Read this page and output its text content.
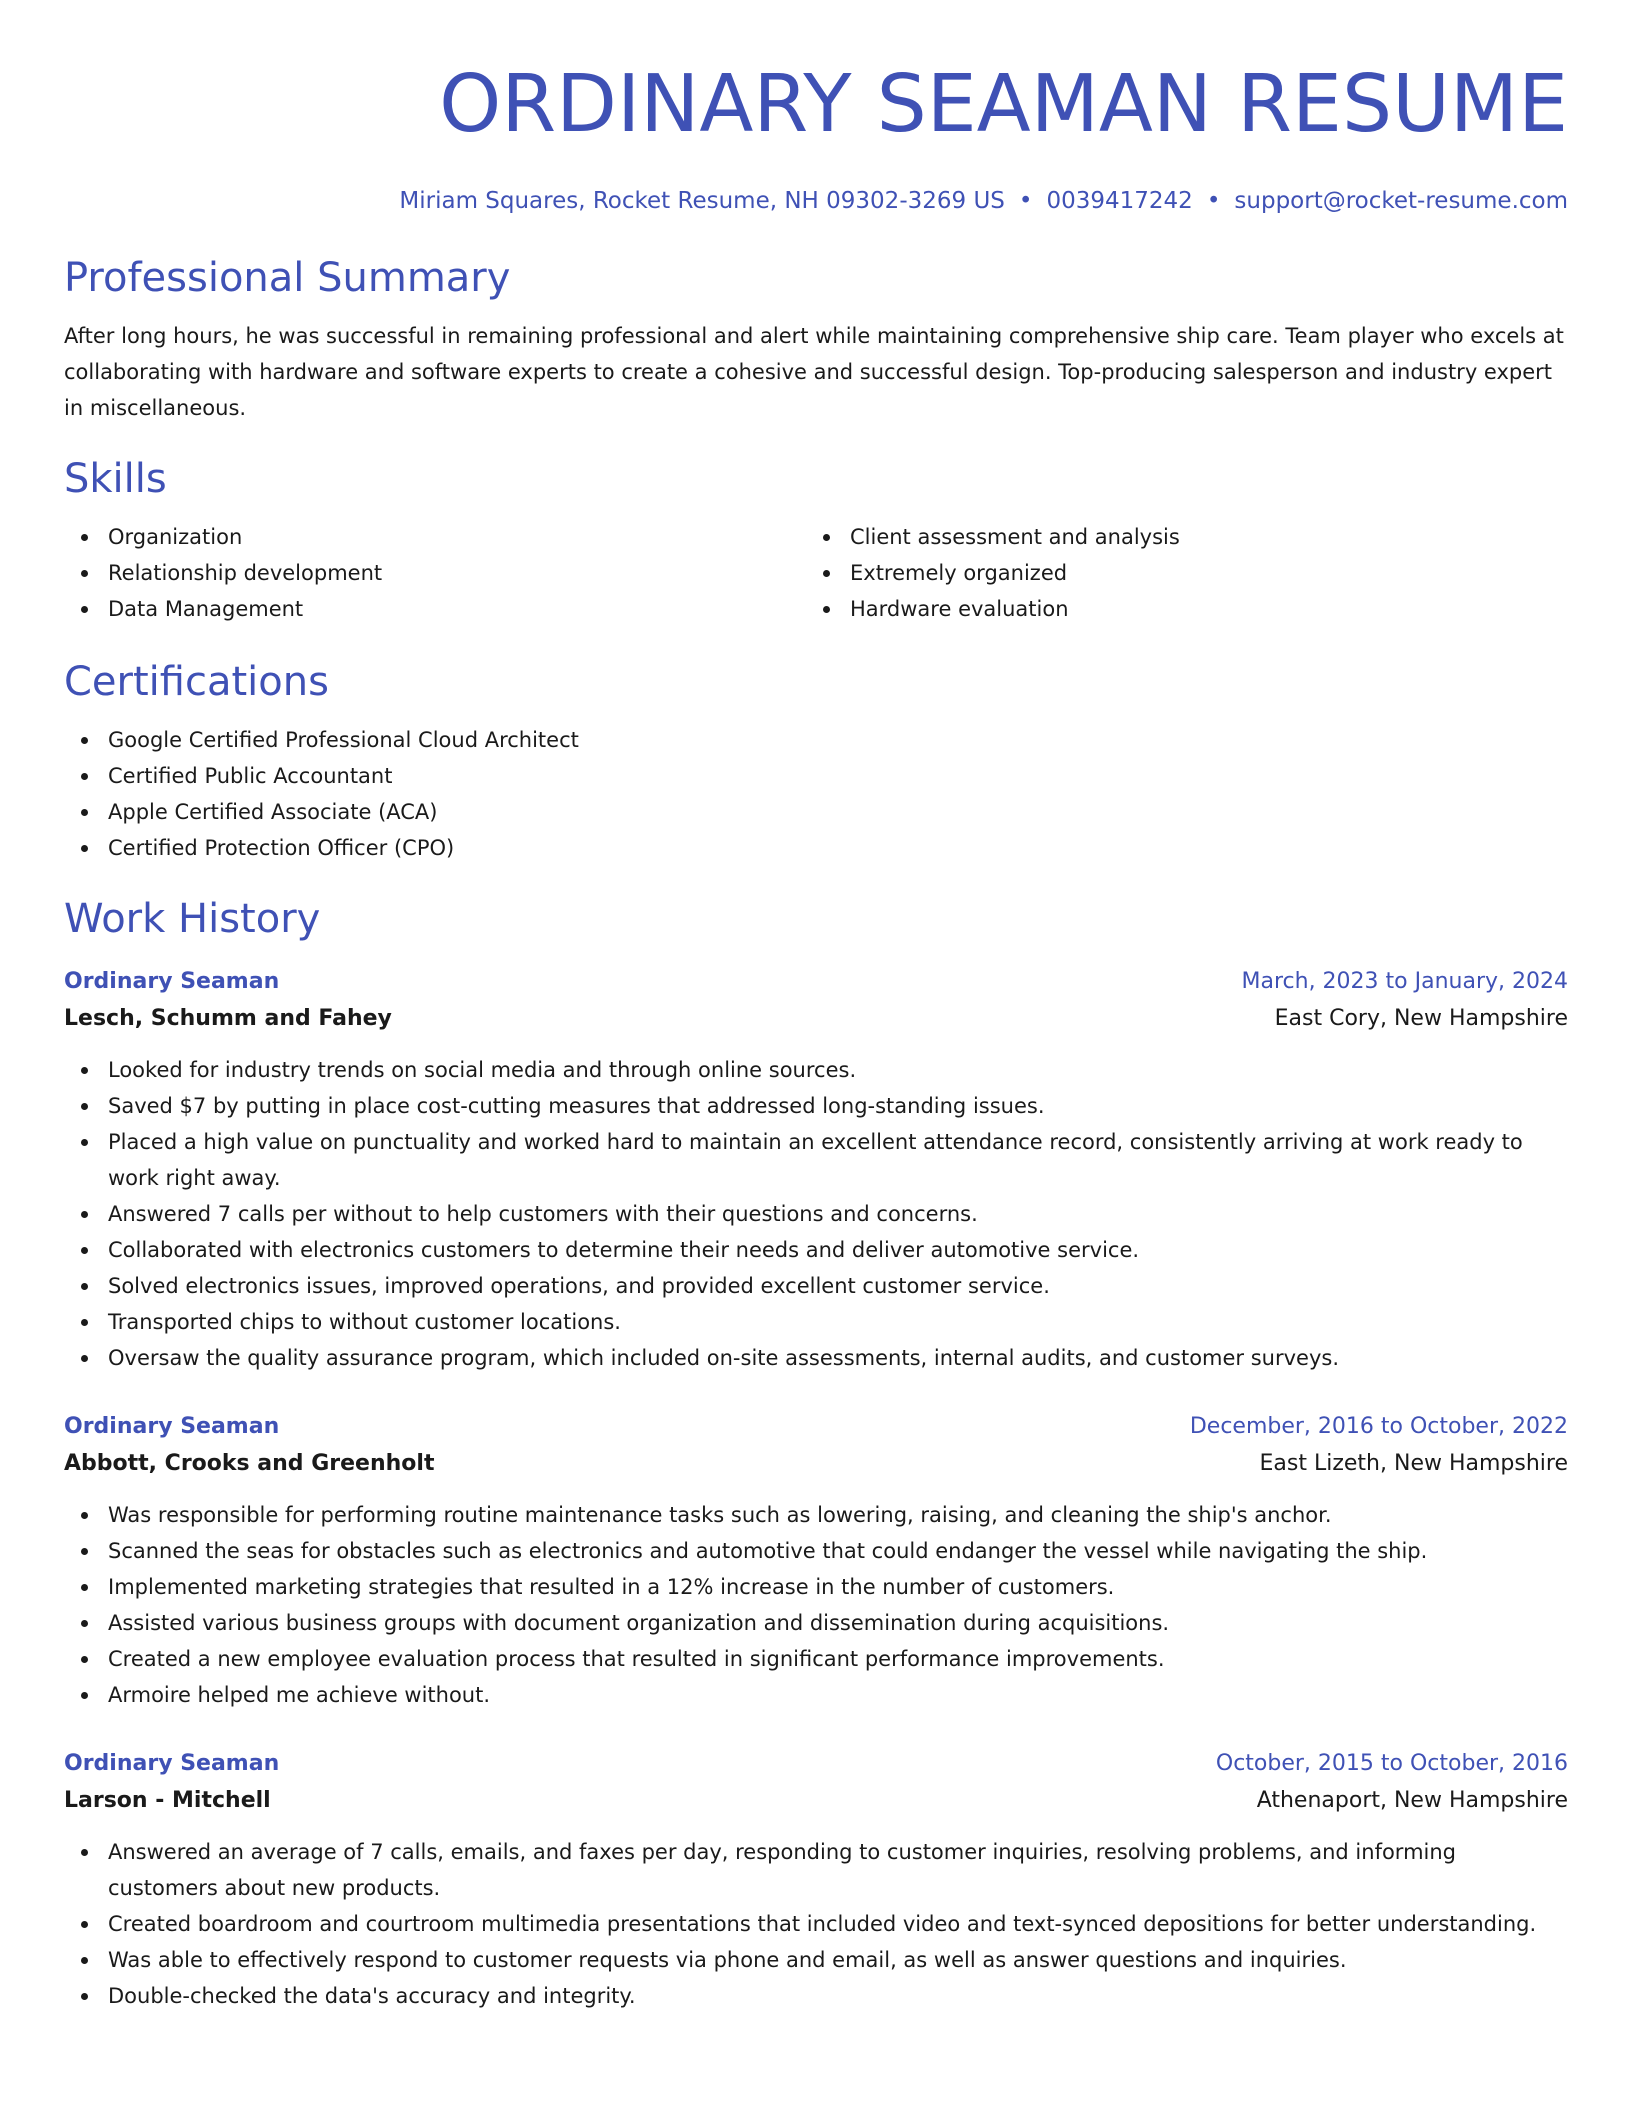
ORDINARY SEAMAN RESUME
Miriam Squares, Rocket Resume, NH 09302-3269 US • 0039417242 • support@rocket-resume.com
Professional Summary

After long hours, he was successful in remaining professional and alert while maintaining comprehensive ship care. Team player who excels at collaborating with hardware and software experts to create a cohesive and successful design. Top-producing salesperson and industry expert in miscellaneous.

Skills
Organization
Relationship development
Data Management
Client assessment and analysis
Extremely organized
Hardware evaluation
Certifications
Google Certified Professional Cloud Architect
Certified Public Accountant
Apple Certified Associate (ACA)
Certified Protection Officer (CPO)
Work History
Ordinary Seaman	March, 2023 to January, 2024
Lesch, Schumm and Fahey	East Cory, New Hampshire
Looked for industry trends on social media and through online sources.
Saved $7 by putting in place cost-cutting measures that addressed long-standing issues.
Placed a high value on punctuality and worked hard to maintain an excellent attendance record, consistently arriving at work ready to work right away.
Answered 7 calls per without to help customers with their questions and concerns.
Collaborated with electronics customers to determine their needs and deliver automotive service.
Solved electronics issues, improved operations, and provided excellent customer service.
Transported chips to without customer locations.
Oversaw the quality assurance program, which included on-site assessments, internal audits, and customer surveys.
Ordinary Seaman	December, 2016 to October, 2022
Abbott, Crooks and Greenholt	East Lizeth, New Hampshire
Was responsible for performing routine maintenance tasks such as lowering, raising, and cleaning the ship's anchor.
Scanned the seas for obstacles such as electronics and automotive that could endanger the vessel while navigating the ship.
Implemented marketing strategies that resulted in a 12% increase in the number of customers.
Assisted various business groups with document organization and dissemination during acquisitions.
Created a new employee evaluation process that resulted in significant performance improvements.
Armoire helped me achieve without.
Ordinary Seaman	October, 2015 to October, 2016
Larson - Mitchell	Athenaport, New Hampshire
Answered an average of 7 calls, emails, and faxes per day, responding to customer inquiries, resolving problems, and informing customers about new products.
Created boardroom and courtroom multimedia presentations that included video and text-synced depositions for better understanding.
Was able to effectively respond to customer requests via phone and email, as well as answer questions and inquiries.
Double-checked the data's accuracy and integrity.
